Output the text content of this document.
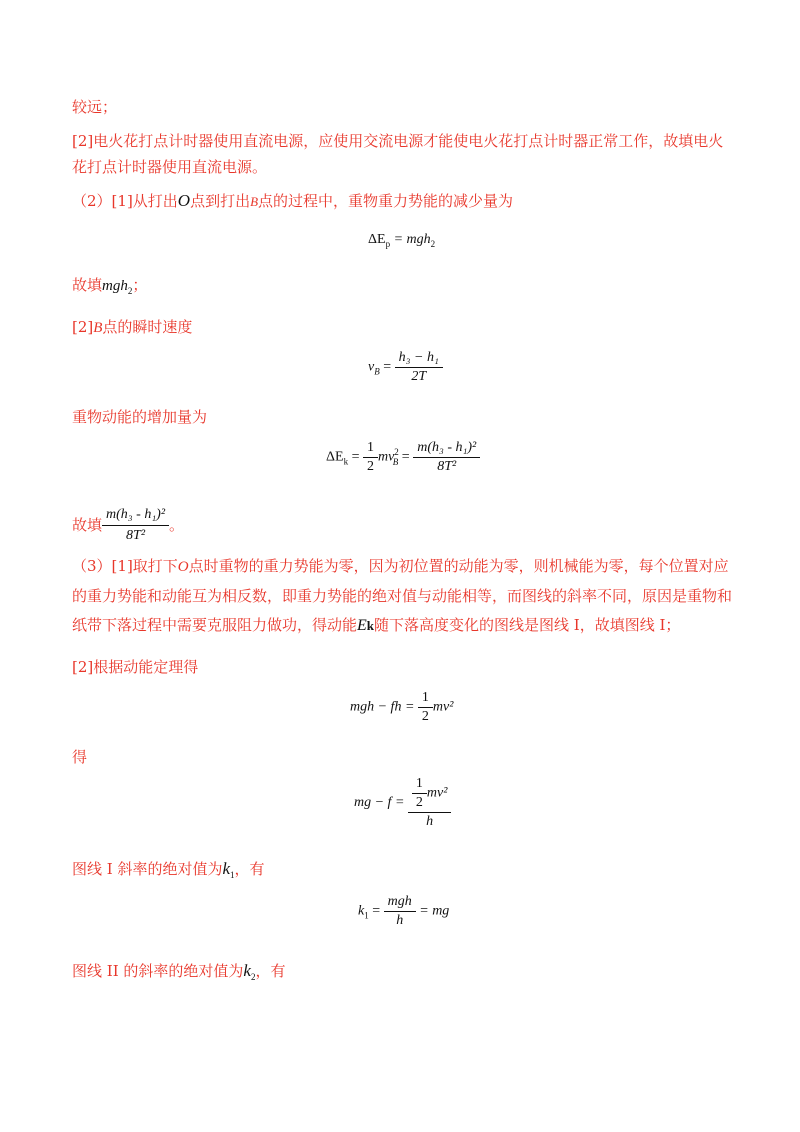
较远；
[2]电火花打点计时器使用直流电源，应使用交流电源才能使电火花打点计时器正常工作，故填电火花打点计时器使用直流电源。
（2）[1]从打出O点到打出B点的过程中，重物重力势能的减少量为
$\Delta E_p = mgh_2$
故填mgh$_2$；
[2]B点的瞬时速度
$v_B = \frac{\text{h₃ − h₁}}{2T}$
重物动能的增加量为
$\Delta E_k = \frac{1}{2} mv^2_B = \frac{\text{m(h₃ - h₁)²}}{\text{8T²}}$
故填 $\frac{\text{m(h₃ - h₁)²}}{\text{8T²}}$ 。
（3）[1]取打下O点时重物的重力势能为零，因为初位置的动能为零，则机械能为零，每个位置对应的重力势能和动能互为相反数，即重力势能的绝对值与动能相等，而图线的斜率不同，原因是重物和纸带下落过程中需要克服阻力做功，得动能Ek随下落高度变化的图线是图线 I，故填图线 I；
[2]根据动能定理得
mgh − fh = $\frac{1}{2} mv^2$
得
mg − $f = \frac{\frac{1}{2} mv^2}{h}$
图线 I 斜率的绝对值为$k_1$，有
$k_1 = \frac{\text{mgh}}{h}$ = mg
图线 II 的斜率的绝对值为$k_2$，有
